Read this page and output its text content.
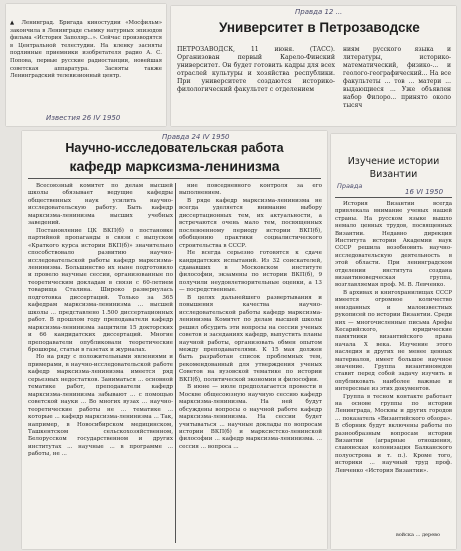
▲ Ленинград. Бригада киностудии «Мосфильм» закончила в Ленинграде съемку натурных эпизодов фильма «История Заполяр...». Сейчас производятся в Центральной телестудии. На кленку засняты подлинные приемники изобретателя радио А. С. Попова, первые русские радиостанции, новейшая советская аппаратура. Засняты также Ленинградский телевизионный центр.
Известия 26 IV 1950
Правда 12 ...
Университет в Петрозаводске
ПЕТРОЗАВОДСК, 11 июня. (ТАСС). Организован первый Карело-Финский университет. Он будет готовить кадры для всех отраслей культуры и хозяйства республики. При университете создаются историко-филологический факультет с отделением
ниям русского языка и литературы, историко-математический, физико-... и геолого-географический... На все факультеты ... тов ... матери ... выдающиеся ... Уже объявлен набор Филоро... принято около тысяч
Правда 24 IV 1950
Научно-исследовательская работа
кафедр марксизма-ленинизма

Всесоюзный комитет по делам высшей школы обязывает ведущие кафедры общественных наук усилить научно-исследовательскую работу. Быть кафедр марксизма-ленинизма высших учебных заведений.

Постановление ЦК ВКП(б) о постановке партийной пропаганды в связи с выпуском «Краткого курса истории ВКП(б)» значительно способствовало развитию научно-исследовательской работы кафедр марксизма-ленинизма. Большинство их ныне подготовило и провело научные сессии, организованные по теоретическим докладам в связи с 60-летием товарища Сталина. Широко развернулась подготовка диссертаций. Только за 365 кафедрам марксизма-ленинизма ... высшей школы ... представлено 1.500 диссертационных работ. В прошлом году преподаватели кафедр марксизма-ленинизма защитили 15 докторских и 66 кандидатских диссертаций. Многие преподаватели опубликовали теоретические брошюры, статьи в газетах и журналах.

Но на ряду с положительными явлениями и примерами, в научно-исследовательской работе кафедр марксизма-ленинизма имеется ряд серьезных недостатков. Заниматься ... основной тематике работ, преподаватели кафедр марксизма-ленинизма забывают ... с помощью советской науки ... Во многих вузах ... научно-теоретические работы не ... тематике ... которые ... кафедр марксизма-ленинизма ... Так, например, в Новосибирском медицинском, Ташкентском сельскохозяйственном, Белорусском государственном и других институтах ... научные ... в программе ... работы, не ...

ние повседневного контроля за его выполнением.

В ряде кафедр марксизма-ленинизма не всегда уделяется внимание выбору диссертационных тем, их актуальности, а встречаются очень мало тем, посвященных послевоенному периоду истории ВКП(б), обобщению практики социалистического строительства в СССР.

Не всегда серьезно готовятся к сдаче кандидатских испытаний. Из 32 соискателей, сдававших в Московском институте философии, экзамены по истории ВКП(б), 9 получили неудовлетворительные оценки, а 13 — посредственные.

В целях дальнейшего развертывания и повышения качества научно-исследовательской работы кафедр марксизма-ленинизма Комитет по делам высшей школы решил обсудить эти вопросы на сессии ученых советов и заседаниях кафедр, выпустить планы научной работы, организовать обмен опытом между преподавателями. К 15 мая должен быть разработан список проблемных тем, рекомендованный для утверждения ученых Советов на вузовской тематике по истории ВКП(б), политической экономии и философии.

В июне — июле предполагается провести в Москве общесоюзную научную сессию кафедр марксизма-ленинизма. На ней будут обсуждены вопросы о научной работе кафедр марксизма-ленинизма. На сессии будет учитываться ... научные доклады по вопросам истории ВКП(б) и марксистско-ленинской философии ... кафедр марксизма-ленинизма. ... сессия ... вопроса ...

Изучение истории
Византии
Правда
16 VI 1950

История Византии всегда привлекала внимание ученых нашей страны. На русском языке вышло немало ценных трудов, посвященных Византии. Недавно дирекция Института истории Академии наук СССР решила возобновить научно-исследовательскую деятельность в этой области. При ленинградском отделении института создана византиноведческая группа, возглавляемая проф. М. В. Левченко.

В архивах и книгохранилищах СССР имеется огромное количество неизданных и малоизвестных рукописей по истории Византии. Среди них — многочисленные письма Арефы Кесарийского, юридические памятники византийского права начала X века. Изучение этого наследия и других не менее ценных материалов, имеет большое научное значение. Группа византиноведов ставит перед собой задачу изучить и опубликовать наиболее важные и интересные из этих документов.

Группа в тесном контакте работает на основе группы по истории Ленинграда, Москвы и других городов ... показатель «Византийского обзора». В сборник будут включены работы по разнообразным вопросам истории Византии (аграрные отношения, славянская колонизация Балканского полуострова и т. п.). Кроме того, историки ... научный труд проф. Левченко «История Византии».

войска ... дерево
